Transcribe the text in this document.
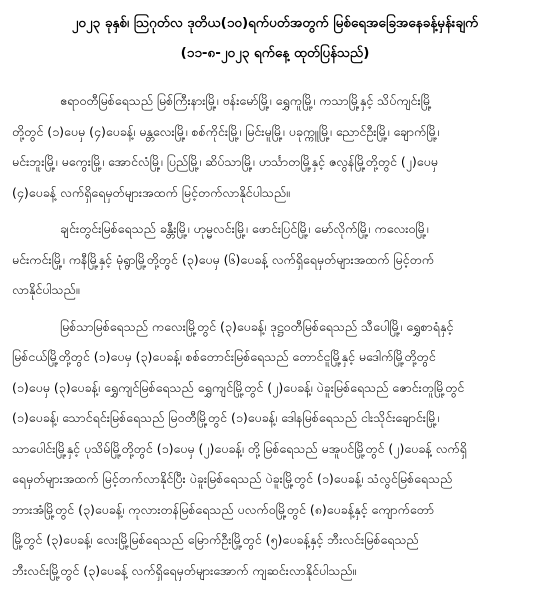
၂၀၂၃ ခုနှစ်၊ ဩဂုတ်လ ဒုတိယ(၁၀)ရက်ပတ်အတွက် မြစ်ရေအခြေအနေခန့်မှန်းချက်
(၁၁-၈-၂၀၂၃ ရက်နေ့ ထုတ်ပြန်သည်)

ဧရာဝတီမြစ်ရေသည် မြစ်ကြီးနားမြို့၊ ဗန်းမော်မြို့၊ ရွှေကူမြို့၊ ကသာမြို့နှင့် သိပ်ကျင်းမြို့
တို့တွင် (၁)ပေမှ (၄)ပေခန့်၊ မန္တလေးမြို့၊ စစ်ကိုင်းမြို့၊ မြင်းမူမြို့၊ ပခုက္ကူမြို့၊ ညောင်ဦးမြို့၊ ချောက်မြို့၊
မင်းဘူးမြို့၊ မကွေးမြို့၊ အောင်လံမြို့၊ ပြည်မြို့၊ ဆိပ်သာမြို့၊ ဟင်္သာတမြို့နှင့် ဇလွန်မြို့တို့တွင် (၂)ပေမှ
(၄)ပေခန့် လက်ရှိရေမှတ်များအထက် မြင့်တက်လာနိုင်ပါသည်။

ချင်းတွင်းမြစ်ရေသည် ခန္တီးမြို့၊ ဟုမ္မလင်းမြို့၊ ဖောင်းပြင်မြို့၊ မော်လိုက်မြို့၊ ကလေးဝမြို့၊
မင်းကင်းမြို့၊ ကနီမြို့နှင့် မုံရွာမြို့တို့တွင် (၃)ပေမှ (၆)ပေခန့် လက်ရှိရေမှတ်များအထက် မြင့်တက်
လာနိုင်ပါသည်။

မြစ်သာမြစ်ရေသည် ကလေးမြို့တွင် (၃)ပေခန့်၊ ဒုဋ္ဌဝတီမြစ်ရေသည် သီပေါမြို့၊ ရွှေစာရံနှင့်
မြစ်ငယ်မြို့တို့တွင် (၁)ပေမှ (၃)ပေခန့်၊ စစ်တောင်းမြစ်ရေသည် တောင်ငူမြို့နှင့် မဒေါက်မြို့တို့တွင်
(၁)ပေမှ (၃)ပေခန့်၊ ရွှေကျင်မြစ်ရေသည် ရွှေကျင်မြို့တွင် (၂)ပေခန့်၊ ပဲခူးမြစ်ရေသည် ဇောင်းတူမြို့တွင်
(၁)ပေခန့်၊ သောင်ရင်းမြစ်ရေသည် မြဝတီမြို့တွင် (၁)ပေခန့်၊ ဒေါနမြစ်ရေသည် ငါးသိုင်းချောင်းမြို့၊
သာပေါင်းမြို့နှင့် ပုသိမ်မြို့တို့တွင် (၁)ပေမှ (၂)ပေခန့်၊ တို့မြစ်ရေသည် မအူပင်မြို့တွင် (၂)ပေခန့် လက်ရှိ
ရေမှတ်များအထက် မြင့်တက်လာနိုင်ပြီး ပဲခူးမြစ်ရေသည် ပဲခူးမြို့တွင် (၁)ပေခန့်၊ သံလွင်မြစ်ရေသည်
ဘားအံမြို့တွင် (၃)ပေခန့်၊ ကုလားတန်မြစ်ရေသည် ပလက်ဝမြို့တွင် (၈)ပေခန့်နှင့် ကျောက်တော်
မြို့တွင် (၃)ပေခန့်၊ လေးမြို့မြစ်ရေသည် မြောက်ဦးမြို့တွင် (၅)ပေခန့်နှင့် ဘီးလင်းမြစ်ရေသည်
ဘီးလင်းမြို့တွင် (၃)ပေခန့် လက်ရှိရေမှတ်များအောက် ကျဆင်းလာနိုင်ပါသည်။
